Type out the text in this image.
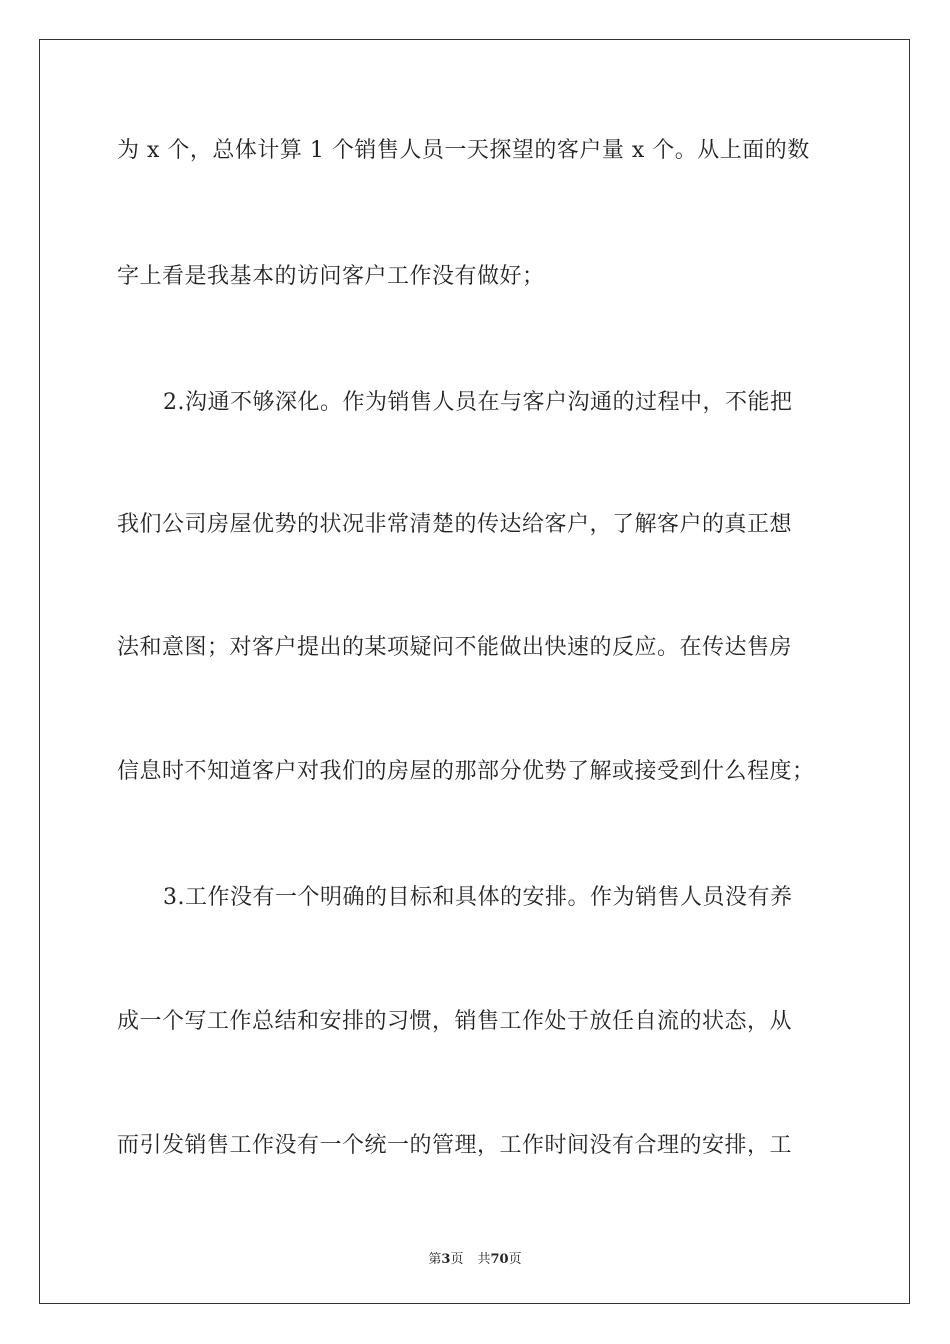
为 x 个，总体计算 1 个销售人员一天探望的客户量 x 个。从上面的数
字上看是我基本的访问客户工作没有做好；
2.沟通不够深化。作为销售人员在与客户沟通的过程中，不能把
我们公司房屋优势的状况非常清楚的传达给客户，了解客户的真正想
法和意图；对客户提出的某项疑问不能做出快速的反应。在传达售房
信息时不知道客户对我们的房屋的那部分优势了解或接受到什么程度；
3.工作没有一个明确的目标和具体的安排。作为销售人员没有养
成一个写工作总结和安排的习惯，销售工作处于放任自流的状态，从
而引发销售工作没有一个统一的管理，工作时间没有合理的安排，工
第3页 共70页
